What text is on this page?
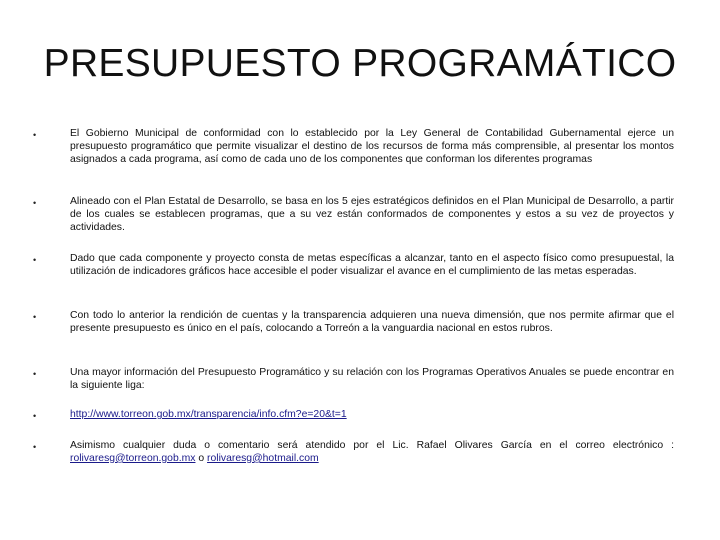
PRESUPUESTO PROGRAMÁTICO
•	El Gobierno Municipal de conformidad con lo establecido por la Ley General de Contabilidad Gubernamental ejerce un presupuesto programático que permite visualizar el destino de los recursos de forma más comprensible, al presentar los montos asignados a cada programa, así como de cada uno de los componentes que conforman los diferentes programas
•	Alineado con el Plan Estatal de Desarrollo, se basa en los 5 ejes estratégicos definidos en el Plan Municipal de Desarrollo, a partir de los cuales se establecen programas, que a su vez están conformados de componentes y estos a su vez de proyectos y actividades.
•	Dado que cada componente y proyecto consta de metas específicas a alcanzar, tanto en el aspecto físico como presupuestal, la utilización de indicadores gráficos hace accesible el poder visualizar el avance en el cumplimiento de las metas esperadas.
•	Con todo lo anterior la rendición de cuentas y la transparencia adquieren una nueva dimensión, que nos permite afirmar que el presente presupuesto es único en el país, colocando a Torreón a la vanguardia nacional en estos rubros.
•	Una mayor información del Presupuesto Programático y su relación con los Programas Operativos Anuales se puede encontrar en la siguiente liga:
•	http://www.torreon.gob.mx/transparencia/info.cfm?e=20&t=1
•	Asimismo cualquier duda o comentario será atendido por el Lic. Rafael Olivares García en el correo electrónico : rolivaresg@torreon.gob.mx o rolivaresg@hotmail.com
